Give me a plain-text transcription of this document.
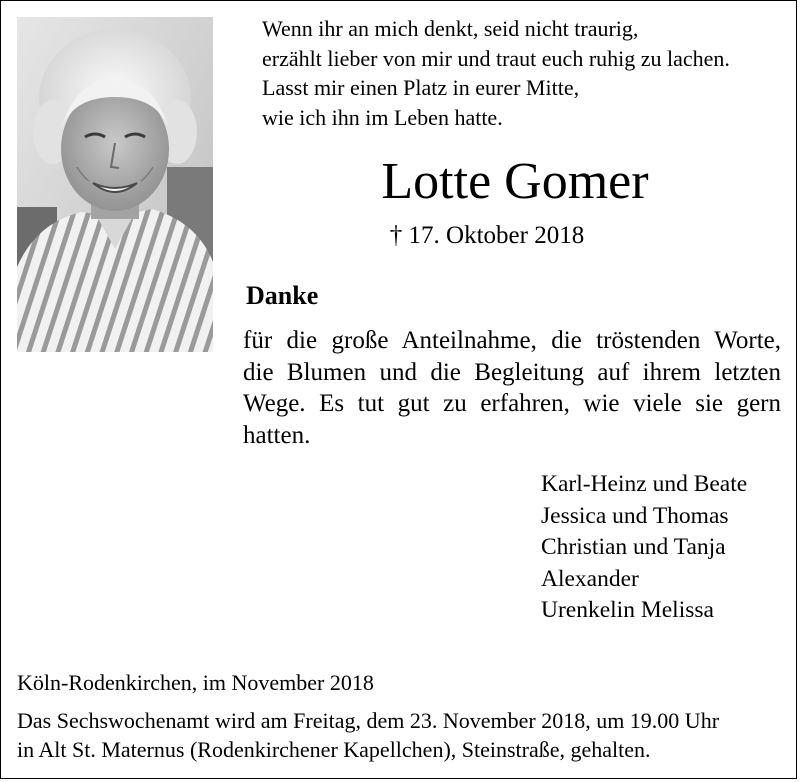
Wenn ihr an mich denkt, seid nicht traurig,
erzählt lieber von mir und traut euch ruhig zu lachen.
Lasst mir einen Platz in eurer Mitte,
wie ich ihn im Leben hatte.
Lotte Gomer
† 17. Oktober 2018
Danke
für die große Anteilnahme, die tröstenden Worte,
die Blumen und die Begleitung auf ihrem letzten
Wege. Es tut gut zu erfahren, wie viele sie gern
hatten.
Karl-Heinz und Beate
Jessica und Thomas
Christian und Tanja
Alexander
Urenkelin Melissa
Köln-Rodenkirchen, im November 2018
Das Sechswochenamt wird am Freitag, dem 23. November 2018, um 19.00 Uhr
in Alt St. Maternus (Rodenkirchener Kapellchen), Steinstraße, gehalten.
